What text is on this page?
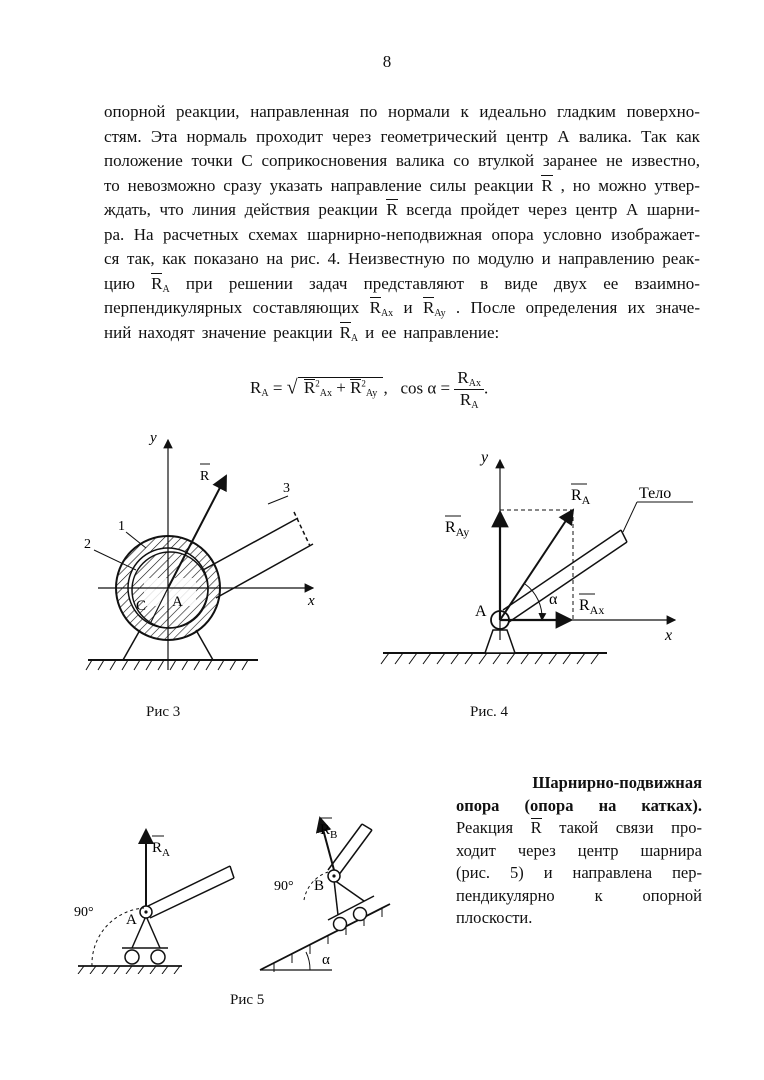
8
опорной реакции, направленная по нормали к идеально гладким поверхно-
стям. Эта нормаль проходит через геометрический центр А валика. Так как
положение точки С соприкосновения валика со втулкой заранее не известно,
то невозможно сразу указать направление силы реакции R , но можно утвер-
ждать, что линия действия реакции R всегда пройдет через центр А шарни-
ра. На расчетных схемах шарнирно-неподвижная опора условно изображает-
ся так, как показано на рис. 4. Неизвестную по модулю и направлению реак-
цию $R_A$ при решении задач представляют в виде двух ее взаимно-
перпендикулярных составляющих $R_{Ax}$ и $R_{Ay}$ . После определения их значе-
ний находят значение реакции $R_A$ и ее направление:
$R_A$ = √ $R^2_{Ax} + R^2_{Ay}$ , cos α =
$R_{Ax}$
$R_A$
.
y
x
R
1
2
3
C A
Рис 3
y
x
Тело
$R_A$
$R_{Ay}$
$R_{Ax}$
α
A
Рис. 4
$R_A$
$R_B$
90°
90°
A
B
α
Рис 5
Шарнирно-подвижная
опора (опора на катках).
Реакция R такой связи про-
ходит через центр шарнира
(рис. 5) и направлена пер-
пендикулярно к опорной
плоскости.
